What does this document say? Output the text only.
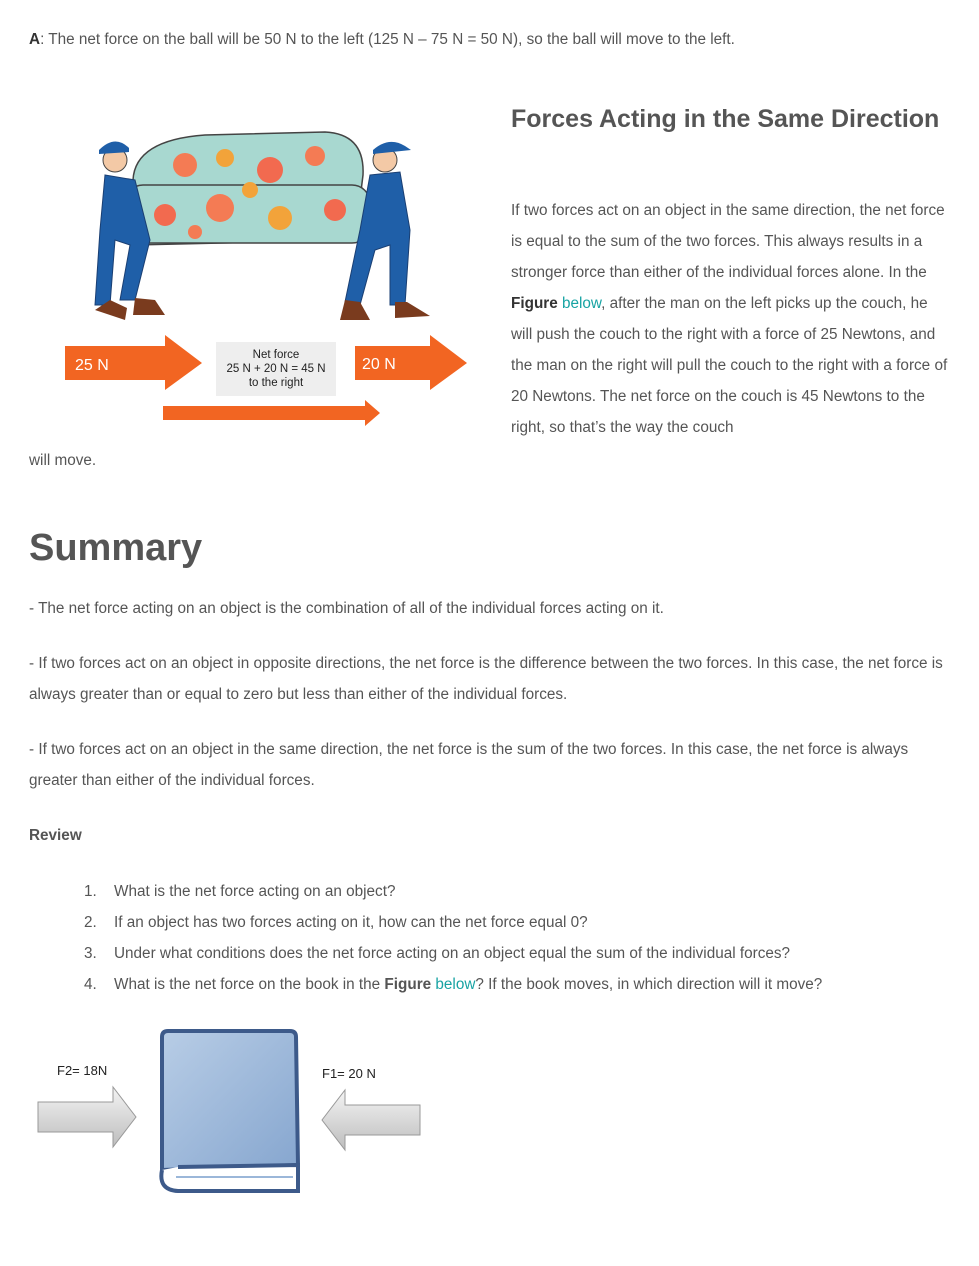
A: The net force on the ball will be 50 N to the left (125 N – 75 N = 50 N), so the ball will move to the left.

25 N
Net force
25 N + 20 N = 45 N
to the right
20 N
Forces Acting in the Same Direction

If two forces act on an object in the same direction, the net force is equal to the sum of the two forces. This always results in a stronger force than either of the individual forces alone. In the Figure below, after the man on the left picks up the couch, he will push the couch to the right with a force of 25 Newtons, and the man on the right will pull the couch to the right with a force of 20 Newtons. The net force on the couch is 45 Newtons to the right, so that’s the way the couch

will move.

Summary

- The net force acting on an object is the combination of all of the individual forces acting on it.

- If two forces act on an object in opposite directions, the net force is the difference between the two forces. In this case, the net force is always greater than or equal to zero but less than either of the individual forces.

- If two forces act on an object in the same direction, the net force is the sum of the two forces. In this case, the net force is always greater than either of the individual forces.

Review
1.	What is the net force acting on an object?
2.	If an object has two forces acting on it, how can the net force equal 0?
3.	Under what conditions does the net force acting on an object equal the sum of the individual forces?
4.	What is the net force on the book in the Figure below? If the book moves, in which direction will it move?
F2= 18N	F1= 20 N
